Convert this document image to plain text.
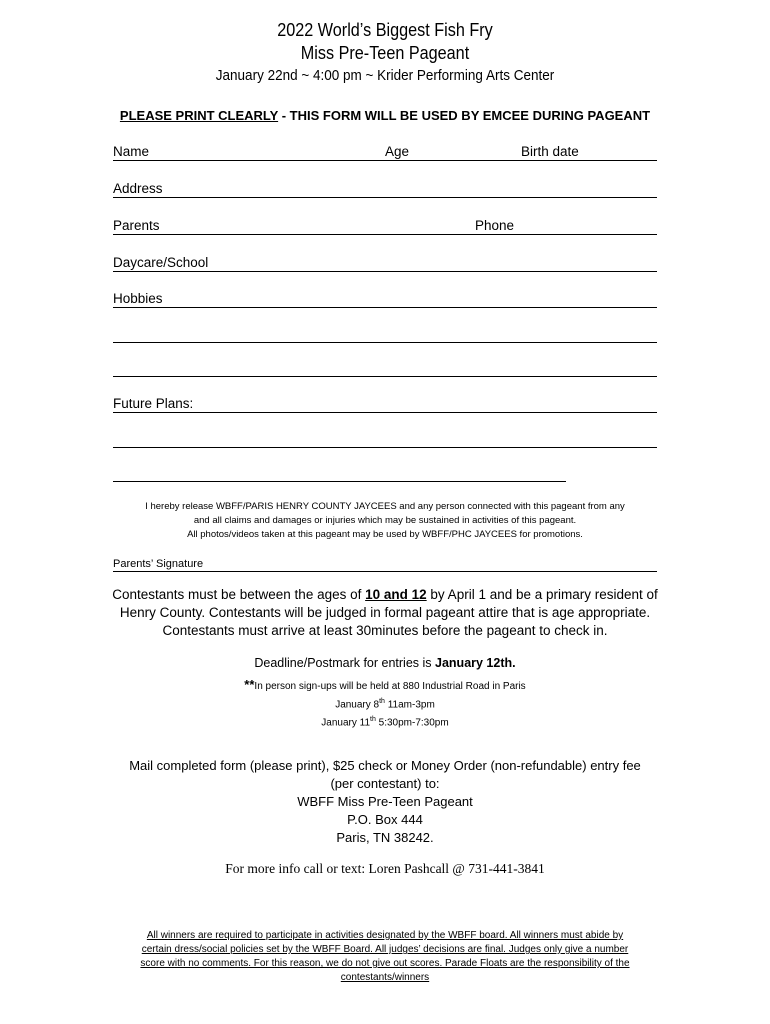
2022 World’s Biggest Fish Fry
Miss Pre-Teen Pageant
January 22nd ~ 4:00 pm ~ Krider Performing Arts Center
PLEASE PRINT CLEARLY - THIS FORM WILL BE USED BY EMCEE DURING PAGEANT
Name	Age	Birth date
Address
Parents	Phone
Daycare/School
Hobbies
Future Plans:
I hereby release WBFF/PARIS HENRY COUNTY JAYCEES and any person connected with this pageant from any
and all claims and damages or injuries which may be sustained in activities of this pageant.
All photos/videos taken at this pageant may be used by WBFF/PHC JAYCEES for promotions.
Parents’ Signature
Contestants must be between the ages of 10 and 12 by April 1 and be a primary resident of
Henry County. Contestants will be judged in formal pageant attire that is age appropriate.
Contestants must arrive at least 30minutes before the pageant to check in.
Deadline/Postmark for entries is January 12th.
**In person sign-ups will be held at 880 Industrial Road in Paris
January 8th 11am-3pm
January 11th 5:30pm-7:30pm
Mail completed form (please print), $25 check or Money Order (non-refundable) entry fee
(per contestant) to:
WBFF Miss Pre-Teen Pageant
P.O. Box 444
Paris, TN 38242.
For more info call or text: Loren Pashcall @ 731-441-3841
All winners are required to participate in activities designated by the WBFF board. All winners must abide by
certain dress/social policies set by the WBFF Board. All judges’ decisions are final. Judges only give a number
score with no comments. For this reason, we do not give out scores. Parade Floats are the responsibility of the
contestants/winners
